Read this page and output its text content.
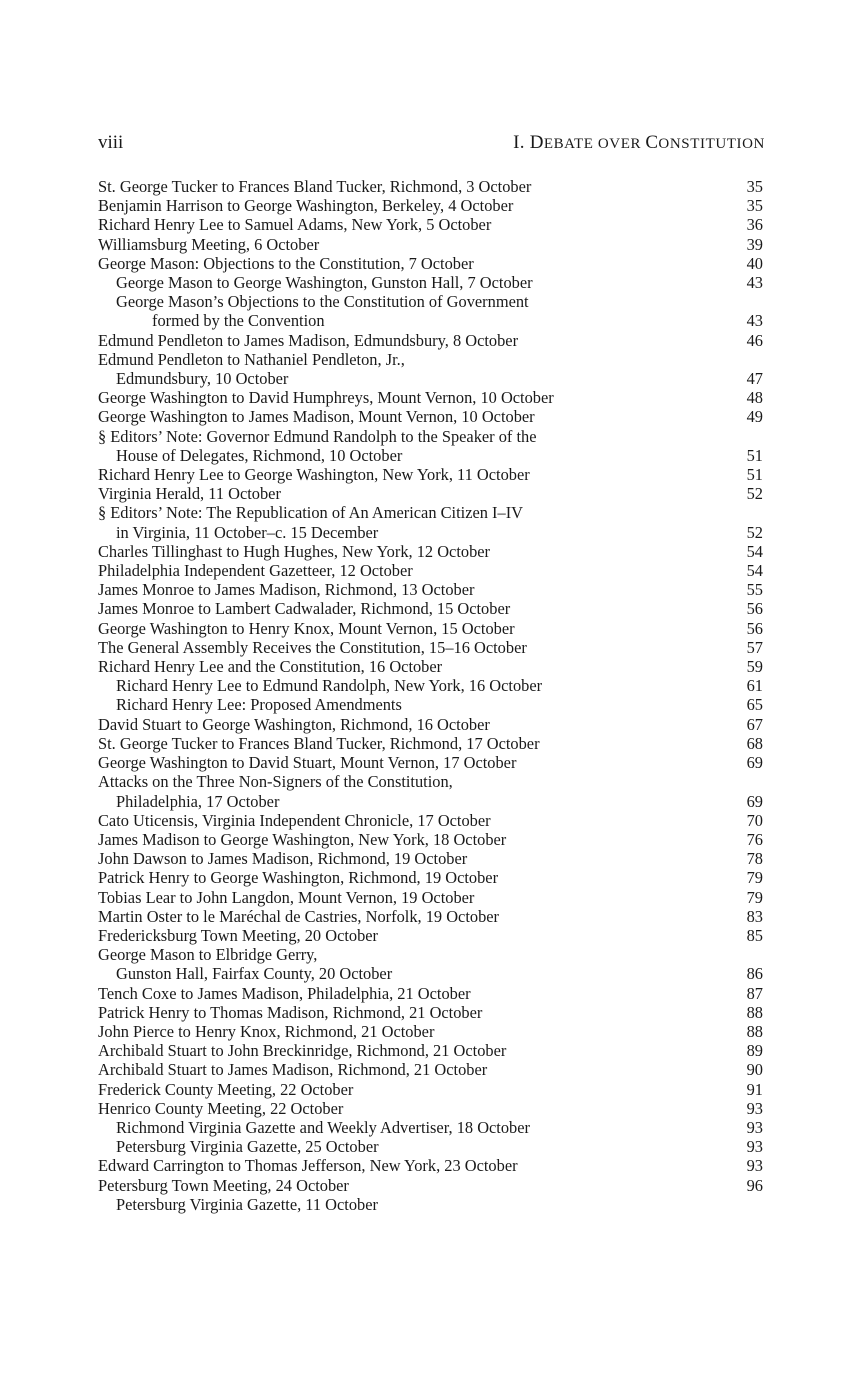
viii	I. DEBATE OVER CONSTITUTION
St. George Tucker to Frances Bland Tucker, Richmond, 3 October	35
Benjamin Harrison to George Washington, Berkeley, 4 October	35
Richard Henry Lee to Samuel Adams, New York, 5 October	36
Williamsburg Meeting, 6 October	39
George Mason: Objections to the Constitution, 7 October	40
George Mason to George Washington, Gunston Hall, 7 October	43
George Mason’s Objections to the Constitution of Government
formed by the Convention	43
Edmund Pendleton to James Madison, Edmundsbury, 8 October	46
Edmund Pendleton to Nathaniel Pendleton, Jr.,
Edmundsbury, 10 October	47
George Washington to David Humphreys, Mount Vernon, 10 October	48
George Washington to James Madison, Mount Vernon, 10 October	49
§ Editors’ Note: Governor Edmund Randolph to the Speaker of the
House of Delegates, Richmond, 10 October	51
Richard Henry Lee to George Washington, New York, 11 October	51
Virginia Herald, 11 October	52
§ Editors’ Note: The Republication of An American Citizen I–IV
in Virginia, 11 October–c. 15 December	52
Charles Tillinghast to Hugh Hughes, New York, 12 October	54
Philadelphia Independent Gazetteer, 12 October	54
James Monroe to James Madison, Richmond, 13 October	55
James Monroe to Lambert Cadwalader, Richmond, 15 October	56
George Washington to Henry Knox, Mount Vernon, 15 October	56
The General Assembly Receives the Constitution, 15–16 October	57
Richard Henry Lee and the Constitution, 16 October	59
Richard Henry Lee to Edmund Randolph, New York, 16 October	61
Richard Henry Lee: Proposed Amendments	65
David Stuart to George Washington, Richmond, 16 October	67
St. George Tucker to Frances Bland Tucker, Richmond, 17 October	68
George Washington to David Stuart, Mount Vernon, 17 October	69
Attacks on the Three Non-Signers of the Constitution,
Philadelphia, 17 October	69
Cato Uticensis, Virginia Independent Chronicle, 17 October	70
James Madison to George Washington, New York, 18 October	76
John Dawson to James Madison, Richmond, 19 October	78
Patrick Henry to George Washington, Richmond, 19 October	79
Tobias Lear to John Langdon, Mount Vernon, 19 October	79
Martin Oster to le Maréchal de Castries, Norfolk, 19 October	83
Fredericksburg Town Meeting, 20 October	85
George Mason to Elbridge Gerry,
Gunston Hall, Fairfax County, 20 October	86
Tench Coxe to James Madison, Philadelphia, 21 October	87
Patrick Henry to Thomas Madison, Richmond, 21 October	88
John Pierce to Henry Knox, Richmond, 21 October	88
Archibald Stuart to John Breckinridge, Richmond, 21 October	89
Archibald Stuart to James Madison, Richmond, 21 October	90
Frederick County Meeting, 22 October	91
Henrico County Meeting, 22 October	93
Richmond Virginia Gazette and Weekly Advertiser, 18 October	93
Petersburg Virginia Gazette, 25 October	93
Edward Carrington to Thomas Jefferson, New York, 23 October	93
Petersburg Town Meeting, 24 October	96
Petersburg Virginia Gazette, 11 October
